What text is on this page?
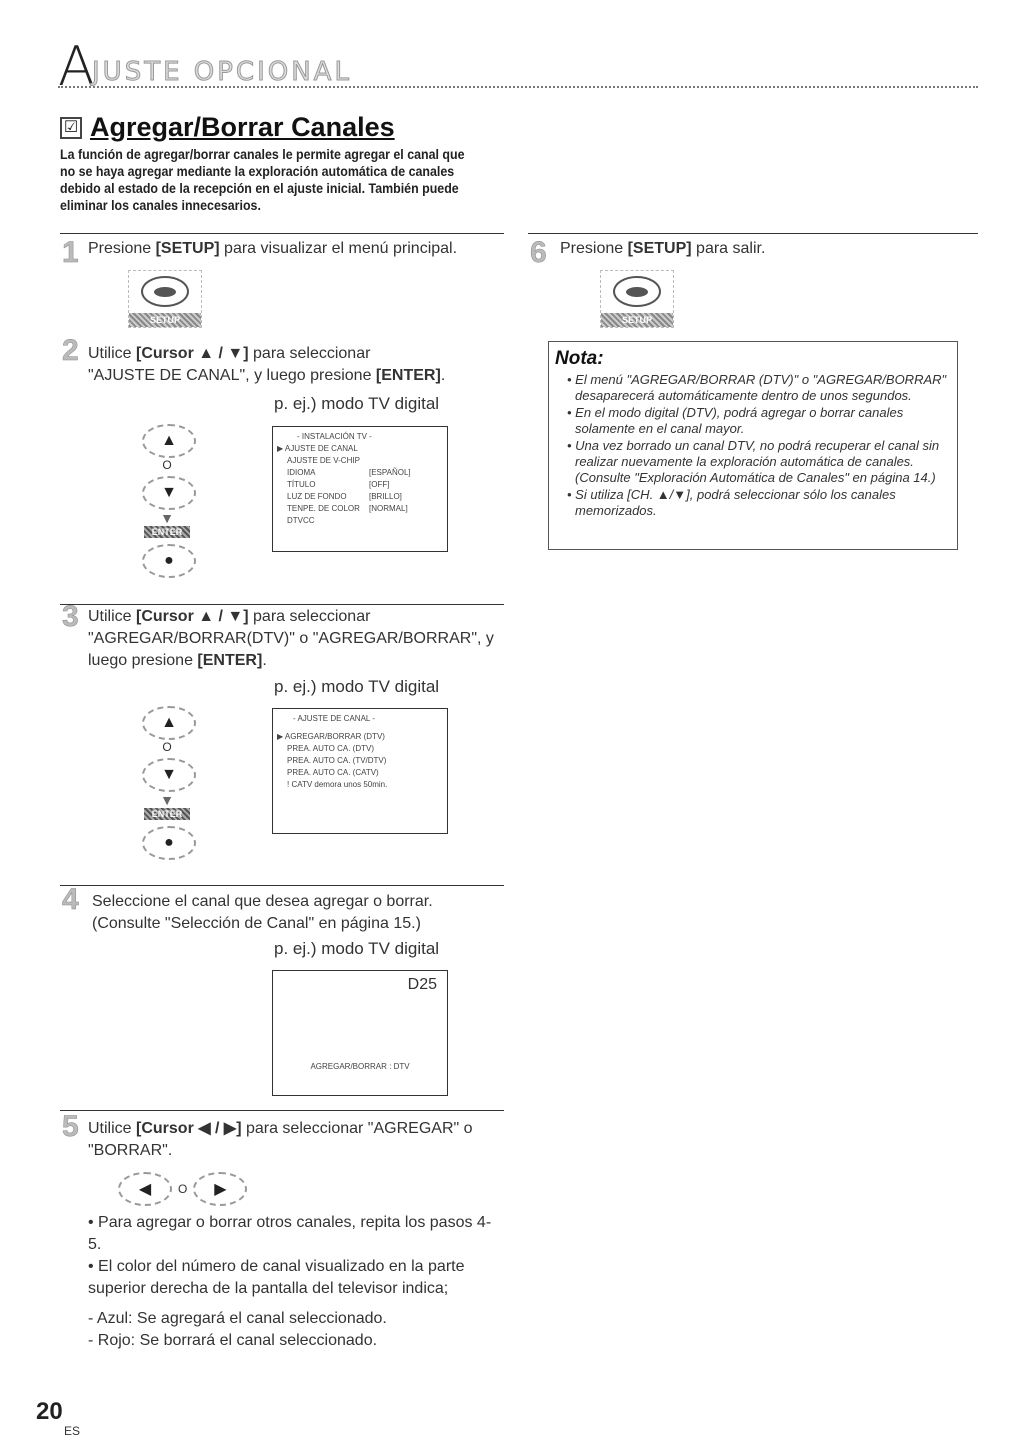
A
JUSTE OPCIONAL
☑ Agregar/Borrar Canales
La función de agregar/borrar canales le permite agregar el canal que no se haya agregar mediante la exploración automática de canales debido al estado de la recepción en el ajuste inicial. También puede eliminar los canales innecesarios.
1 Presione [SETUP] para visualizar el menú principal.
SETUP
2 Utilice [Cursor ▲ / ▼] para seleccionar
"AJUSTE DE CANAL", y luego presione [ENTER].
p. ej.) modo TV digital
▲
O
▼
▼
ENTER
●
- INSTALACIÓN TV -
▶ AJUSTE DE CANAL
AJUSTE DE V-CHIP
IDIOMA	[ESPAÑOL]
TÍTULO	[OFF]
LUZ DE FONDO	[BRILLO]
TENPE. DE COLOR	[NORMAL]
DTVCC
3 Utilice [Cursor ▲ / ▼] para seleccionar
"AGREGAR/BORRAR(DTV)" o "AGREGAR/BORRAR", y
luego presione [ENTER].
p. ej.) modo TV digital
▲
O
▼
▼
ENTER
●
- AJUSTE DE CANAL -
▶ AGREGAR/BORRAR (DTV)
PREA. AUTO CA. (DTV)
PREA. AUTO CA. (TV/DTV)
PREA. AUTO CA. (CATV)
! CATV demora unos 50min.
4 Seleccione el canal que desea agregar o borrar.
(Consulte "Selección de Canal" en página 15.)
p. ej.) modo TV digital
D25
AGREGAR/BORRAR : DTV
5 Utilice [Cursor ◀ / ▶] para seleccionar "AGREGAR" o
"BORRAR".
◀	O	▶

• Para agregar o borrar otros canales, repita los pasos 4-5.

• El color del número de canal visualizado en la parte superior derecha de la pantalla del televisor indica;

- Azul: Se agregará el canal seleccionado.

- Rojo: Se borrará el canal seleccionado.

6 Presione [SETUP] para salir.
SETUP
Nota:
• El menú "AGREGAR/BORRAR (DTV)" o "AGREGAR/BORRAR" desaparecerá automáticamente dentro de unos segundos.
• En el modo digital (DTV), podrá agregar o borrar canales solamente en el canal mayor.
• Una vez borrado un canal DTV, no podrá recuperar el canal sin realizar nuevamente la exploración automática de canales. (Consulte "Exploración Automática de Canales" en página 14.)
• Si utiliza [CH. ▲/▼], podrá seleccionar sólo los canales memorizados.
20
ES
